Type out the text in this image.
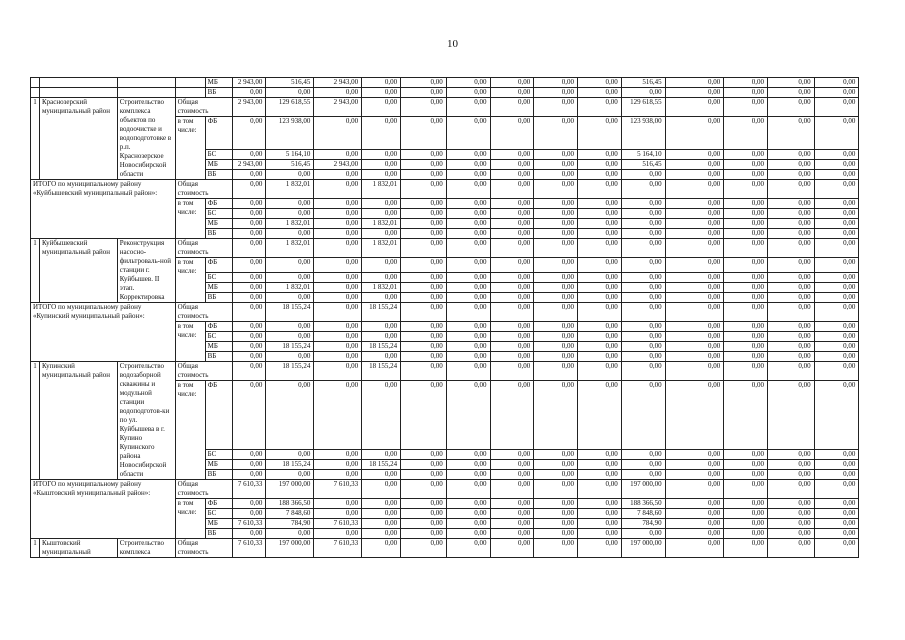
10
				МБ	2 943,00	516,45	2 943,00	0,00	0,00	0,00	0,00	0,00	0,00	516,45	0,00	0,00	0,00	0,00
				ВБ	0,00	0,00	0,00	0,00	0,00	0,00	0,00	0,00	0,00	0,00	0,00	0,00	0,00	0,00
1	Краснозерский муниципальный район	Строительство комплекса объектов по водоочистке и водоподготовке в р.п. Краснозерское Новосибирской области	Общая стоимость		2 943,00	129 618,55	2 943,00	0,00	0,00	0,00	0,00	0,00	0,00	129 618,55	0,00	0,00	0,00	0,00
			в том числе:	ФБ	0,00	123 938,00	0,00	0,00	0,00	0,00	0,00	0,00	0,00	123 938,00	0,00	0,00	0,00	0,00
				БС	0,00	5 164,10	0,00	0,00	0,00	0,00	0,00	0,00	0,00	5 164,10	0,00	0,00	0,00	0,00
				МБ	2 943,00	516,45	2 943,00	0,00	0,00	0,00	0,00	0,00	0,00	516,45	0,00	0,00	0,00	0,00
				ВБ	0,00	0,00	0,00	0,00	0,00	0,00	0,00	0,00	0,00	0,00	0,00	0,00	0,00	0,00
ИТОГО по муниципальному району «Куйбышевский муниципальный район»:			Общая стоимость		0,00	1 832,01	0,00	1 832,01	0,00	0,00	0,00	0,00	0,00	0,00	0,00	0,00	0,00	0,00
			в том числе:	ФБ	0,00	0,00	0,00	0,00	0,00	0,00	0,00	0,00	0,00	0,00	0,00	0,00	0,00	0,00
				БС	0,00	0,00	0,00	0,00	0,00	0,00	0,00	0,00	0,00	0,00	0,00	0,00	0,00	0,00
				МБ	0,00	1 832,01	0,00	1 832,01	0,00	0,00	0,00	0,00	0,00	0,00	0,00	0,00	0,00	0,00
				ВБ	0,00	0,00	0,00	0,00	0,00	0,00	0,00	0,00	0,00	0,00	0,00	0,00	0,00	0,00
1	Куйбышевский муниципальный район	Реконструкция насосно-фильтроваль-ной станции г. Куйбышев. II этап. Корректировка	Общая стоимость		0,00	1 832,01	0,00	1 832,01	0,00	0,00	0,00	0,00	0,00	0,00	0,00	0,00	0,00	0,00
			в том числе:	ФБ	0,00	0,00	0,00	0,00	0,00	0,00	0,00	0,00	0,00	0,00	0,00	0,00	0,00	0,00
				БС	0,00	0,00	0,00	0,00	0,00	0,00	0,00	0,00	0,00	0,00	0,00	0,00	0,00	0,00
				МБ	0,00	1 832,01	0,00	1 832,01	0,00	0,00	0,00	0,00	0,00	0,00	0,00	0,00	0,00	0,00
				ВБ	0,00	0,00	0,00	0,00	0,00	0,00	0,00	0,00	0,00	0,00	0,00	0,00	0,00	0,00
ИТОГО по муниципальному району «Купинский муниципальный район»:			Общая стоимость		0,00	18 155,24	0,00	18 155,24	0,00	0,00	0,00	0,00	0,00	0,00	0,00	0,00	0,00	0,00
			в том числе:	ФБ	0,00	0,00	0,00	0,00	0,00	0,00	0,00	0,00	0,00	0,00	0,00	0,00	0,00	0,00
				БС	0,00	0,00	0,00	0,00	0,00	0,00	0,00	0,00	0,00	0,00	0,00	0,00	0,00	0,00
				МБ	0,00	18 155,24	0,00	18 155,24	0,00	0,00	0,00	0,00	0,00	0,00	0,00	0,00	0,00	0,00
				ВБ	0,00	0,00	0,00	0,00	0,00	0,00	0,00	0,00	0,00	0,00	0,00	0,00	0,00	0,00
1	Купинский муниципальный район	Строительство водозаборной скважины и модульной станции водоподготов-ки по ул. Куйбышева в г. Купино Купинского района Новосибирской области	Общая стоимость		0,00	18 155,24	0,00	18 155,24	0,00	0,00	0,00	0,00	0,00	0,00	0,00	0,00	0,00	0,00
			в том числе:	ФБ	0,00	0,00	0,00	0,00	0,00	0,00	0,00	0,00	0,00	0,00	0,00	0,00	0,00	0,00
				БС	0,00	0,00	0,00	0,00	0,00	0,00	0,00	0,00	0,00	0,00	0,00	0,00	0,00	0,00
				МБ	0,00	18 155,24	0,00	18 155,24	0,00	0,00	0,00	0,00	0,00	0,00	0,00	0,00	0,00	0,00
				ВБ	0,00	0,00	0,00	0,00	0,00	0,00	0,00	0,00	0,00	0,00	0,00	0,00	0,00	0,00
ИТОГО по муниципальному району «Кыштовский муниципальный район»:			Общая стоимость		7 610,33	197 000,00	7 610,33	0,00	0,00	0,00	0,00	0,00	0,00	197 000,00	0,00	0,00	0,00	0,00
			в том числе:	ФБ	0,00	188 366,50	0,00	0,00	0,00	0,00	0,00	0,00	0,00	188 366,50	0,00	0,00	0,00	0,00
				БС	0,00	7 848,60	0,00	0,00	0,00	0,00	0,00	0,00	0,00	7 848,60	0,00	0,00	0,00	0,00
				МБ	7 610,33	784,90	7 610,33	0,00	0,00	0,00	0,00	0,00	0,00	784,90	0,00	0,00	0,00	0,00
				ВБ	0,00	0,00	0,00	0,00	0,00	0,00	0,00	0,00	0,00	0,00	0,00	0,00	0,00	0,00
1	Кыштовский муниципальный	Строительство комплекса	Общая стоимость		7 610,33	197 000,00	7 610,33	0,00	0,00	0,00	0,00	0,00	0,00	197 000,00	0,00	0,00	0,00	0,00
